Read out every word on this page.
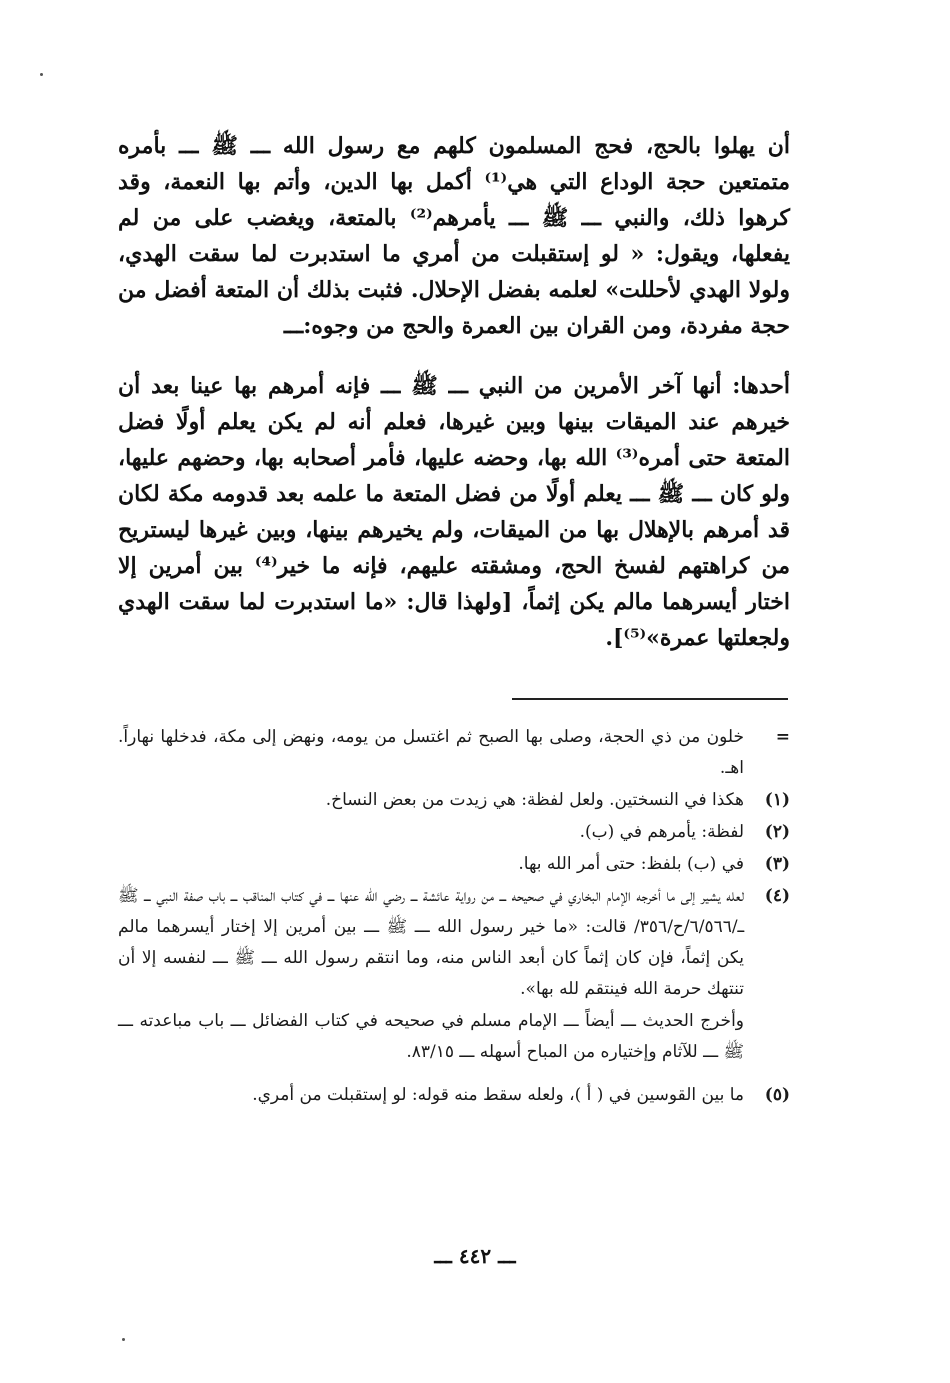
أن يهلوا بالحج، فحج المسلمون كلهم مع رسول الله ـــ ﷺ ـــ بأمره متمتعين حجة الوداع التي هي⁽¹⁾ أكمل بها الدين، وأتم بها النعمة، وقد كرهوا ذلك، والنبي ـــ ﷺ ـــ يأمرهم⁽²⁾ بالمتعة، ويغضب على من لم يفعلها، ويقول: « لو إستقبلت من أمري ما استدبرت لما سقت الهدي، ولولا الهدي لأحللت» لعلمه بفضل الإحلال. فثبت بذلك أن المتعة أفضل من حجة مفردة، ومن القران بين العمرة والحج من وجوه:ـــ

أحدها: أنها آخر الأمرين من النبي ـــ ﷺ ـــ فإنه أمرهم بها عينا بعد أن خيرهم عند الميقات بينها وبين غيرها، فعلم أنه لم يكن يعلم أولًا فضل المتعة حتى أمره⁽³⁾ الله بها، وحضه عليها، فأمر أصحابه بها، وحضهم عليها، ولو كان ـــ ﷺ ـــ يعلم أولًا من فضل المتعة ما علمه بعد قدومه مكة لكان قد أمرهم بالإهلال بها من الميقات، ولم يخيرهم بينها، وبين غيرها ليستريح من كراهتهم لفسخ الحج، ومشقته عليهم، فإنه ما خير⁽⁴⁾ بين أمرين إلا اختار أيسرهما مالم يكن إثماً، [ولهذا قال: «ما استدبرت لما سقت الهدي ولجعلتها عمرة»⁽⁵⁾].

=
خلون من ذي الحجة، وصلى بها الصبح ثم اغتسل من يومه، ونهض إلى مكة، فدخلها نهاراً. اهـ.
(١)
هكذا في النسختين. ولعل لفظة: هي زيدت من بعض النساخ.
(٢)
لفظة: يأمرهم في (ب).
(٣)
في (ب) بلفظ: حتى أمر الله بها.
(٤)
لعله يشير إلى ما أخرجه الإمام البخاري في صحيحه ـــ من رواية عائشة ـــ رضي الله عنها ـــ في كتاب المناقب ـــ باب صفة النبي ـــ ﷺ ـــ/٦/٥٦٦/ح/٣٥٦/ قالت: «ما خير رسول الله ـــ ﷺ ـــ بين أمرين إلا إختار أيسرهما مالم يكن إثماً، فإن كان إثماً كان أبعد الناس منه، وما انتقم رسول الله ـــ ﷺ ـــ لنفسه إلا أن تنتهك حرمة الله فينتقم لله بها».
وأخرج الحديث ـــ أيضاً ـــ الإمام مسلم في صحيحه في كتاب الفضائل ـــ باب مباعدته ـــ ﷺ ـــ للآثام وإختياره من المباح أسهله ـــ ٨٣/١٥.
(٥)
ما بين القوسين في ( أ )، ولعله سقط منه قوله: لو إستقبلت من أمري.
ـــ ٤٤٢ ـــ
